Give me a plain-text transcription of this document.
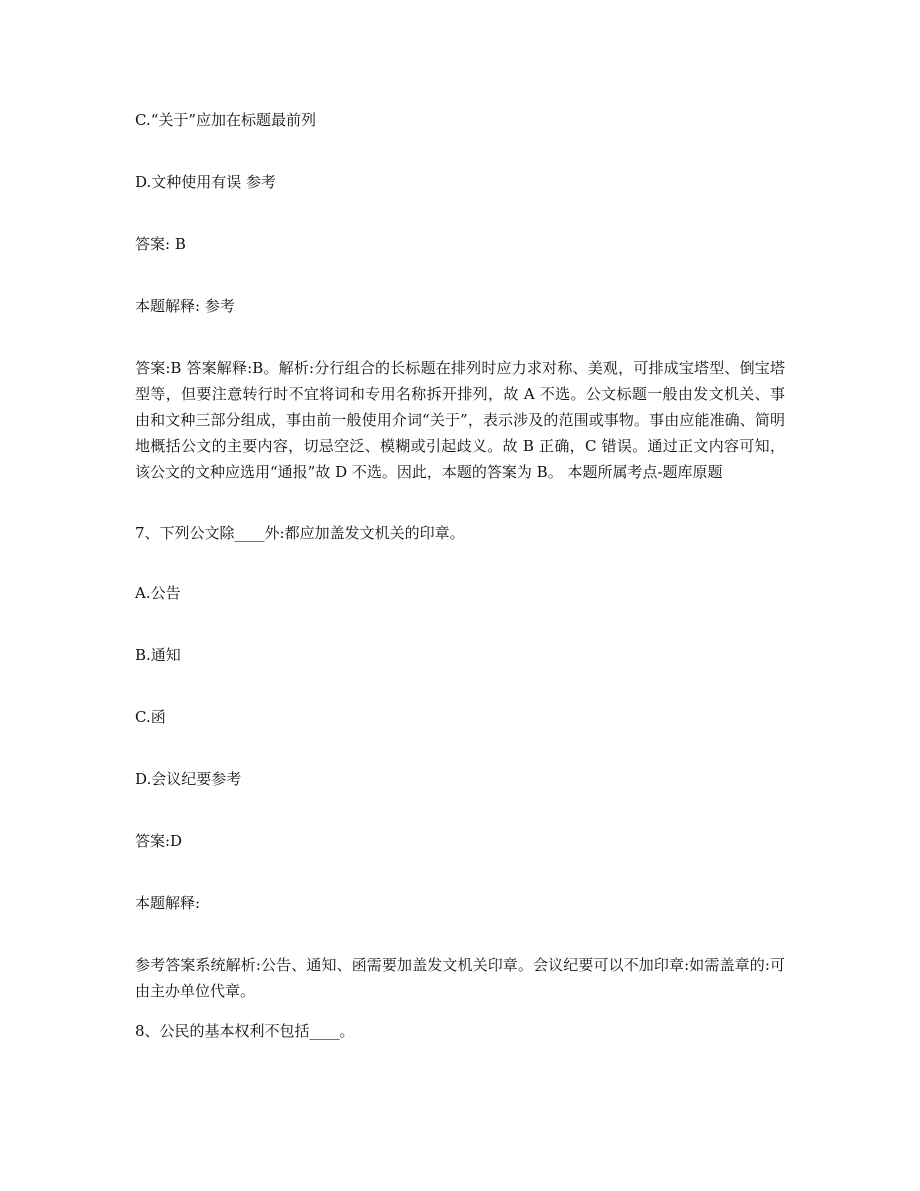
C.“关于”应加在标题最前列
D.文种使用有误 参考
答案: B
本题解释: 参考
答案:B 答案解释:B。解析:分行组合的长标题在排列时应力求对称、美观，可排成宝塔型、倒宝塔型等，但要注意转行时不宜将词和专用名称拆开排列，故 A 不选。公文标题一般由发文机关、事由和文种三部分组成，事由前一般使用介词“关于”，表示涉及的范围或事物。事由应能准确、简明地概括公文的主要内容，切忌空泛、模糊或引起歧义。故 B 正确，C 错误。通过正文内容可知，该公文的文种应选用“通报”故 D 不选。因此，本题的答案为 B。 本题所属考点-题库原题
7、下列公文除____外:都应加盖发文机关的印章。
A.公告
B.通知
C.函
D.会议纪要参考
答案:D
本题解释:
参考答案系统解析:公告、通知、函需要加盖发文机关印章。会议纪要可以不加印章:如需盖章的:可由主办单位代章。
8、公民的基本权利不包括____。
